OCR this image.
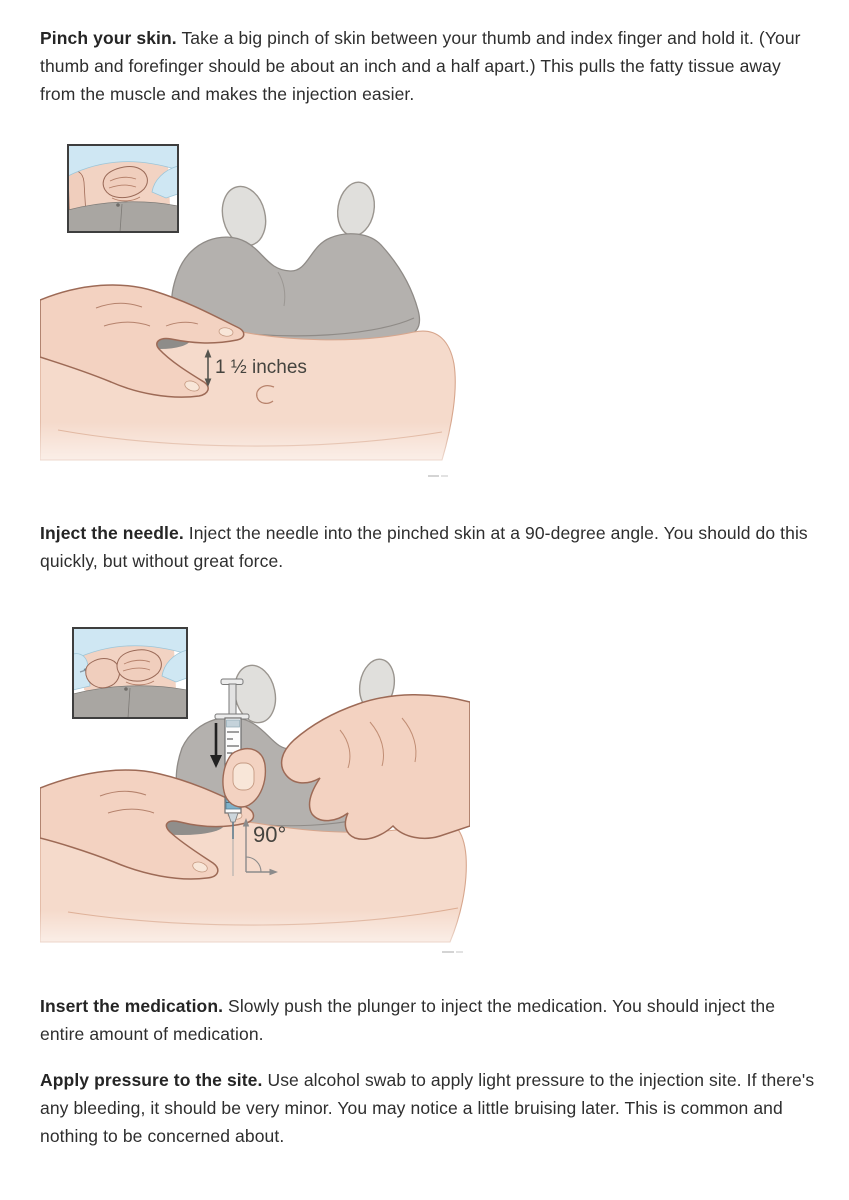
Pinch your skin. Take a big pinch of skin between your thumb and index finger and hold it. (Your thumb and forefinger should be about an inch and a half apart.) This pulls the fatty tissue away from the muscle and makes the injection easier.

1 ½ inches

Inject the needle. Inject the needle into the pinched skin at a 90-degree angle. You should do this quickly, but without great force.

90°

Insert the medication. Slowly push the plunger to inject the medication. You should inject the entire amount of medication.

Apply pressure to the site. Use alcohol swab to apply light pressure to the injection site. If there's any bleeding, it should be very minor. You may notice a little bruising later. This is common and nothing to be concerned about.
